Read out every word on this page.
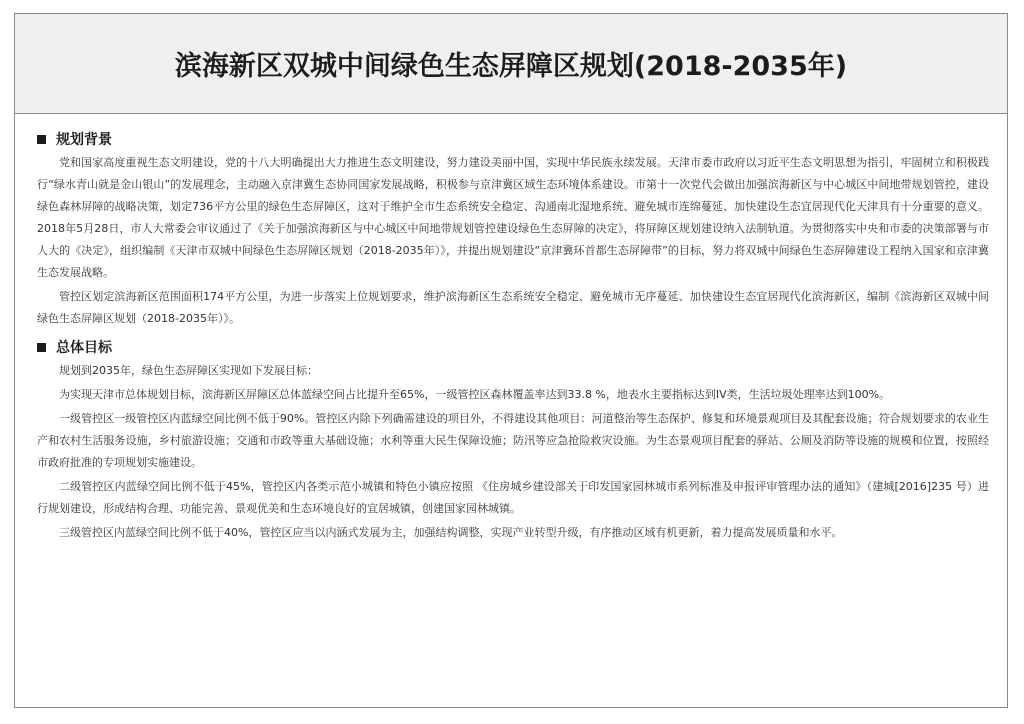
滨海新区双城中间绿色生态屏障区规划(2018-2035年)
规划背景

党和国家高度重视生态文明建设，党的十八大明确提出大力推进生态文明建设，努力建设美丽中国，实现中华民族永续发展。天津市委市政府以习近平生态文明思想为指引，牢固树立和积极践行“绿水青山就是金山银山”的发展理念，主动融入京津冀生态协同国家发展战略，积极参与京津冀区域生态环境体系建设。市第十一次党代会做出加强滨海新区与中心城区中间地带规划管控，建设绿色森林屏障的战略决策，划定736平方公里的绿色生态屏障区，这对于维护全市生态系统安全稳定、沟通南北湿地系统、避免城市连绵蔓延、加快建设生态宜居现代化天津具有十分重要的意义。2018年5月28日，市人大常委会审议通过了《关于加强滨海新区与中心城区中间地带规划管控建设绿色生态屏障的决定》，将屏障区规划建设纳入法制轨道。为贯彻落实中央和市委的决策部署与市人大的《决定》，组织编制《天津市双城中间绿色生态屏障区规划（2018-2035年）》，并提出规划建设“京津冀环首都生态屏障带”的目标，努力将双城中间绿色生态屏障建设工程纳入国家和京津冀生态发展战略。

管控区划定滨海新区范围面积174平方公里，为进一步落实上位规划要求，维护滨海新区生态系统安全稳定、避免城市无序蔓延、加快建设生态宜居现代化滨海新区，编制《滨海新区双城中间绿色生态屏障区规划（2018-2035年）》。

总体目标

规划到2035年，绿色生态屏障区实现如下发展目标：

为实现天津市总体规划目标，滨海新区屏障区总体蓝绿空间占比提升至65%，一级管控区森林覆盖率达到33.8 %，地表水主要指标达到IV类，生活垃圾处理率达到100%。

一级管控区一级管控区内蓝绿空间比例不低于90%。管控区内除下列确需建设的项目外，不得建设其他项目：河道整治等生态保护、修复和环境景观项目及其配套设施；符合规划要求的农业生产和农村生活服务设施，乡村旅游设施；交通和市政等重大基础设施；水利等重大民生保障设施；防汛等应急抢险救灾设施。为生态景观项目配套的驿站、公厕及消防等设施的规模和位置，按照经市政府批准的专项规划实施建设。

二级管控区内蓝绿空间比例不低于45%，管控区内各类示范小城镇和特色小镇应按照 《住房城乡建设部关于印发国家园林城市系列标准及申报评审管理办法的通知》（建城[2016]235 号）进行规划建设，形成结构合理、功能完善、景观优美和生态环境良好的宜居城镇，创建国家园林城镇。

三级管控区内蓝绿空间比例不低于40%，管控区应当以内涵式发展为主，加强结构调整，实现产业转型升级，有序推动区域有机更新，着力提高发展质量和水平。
